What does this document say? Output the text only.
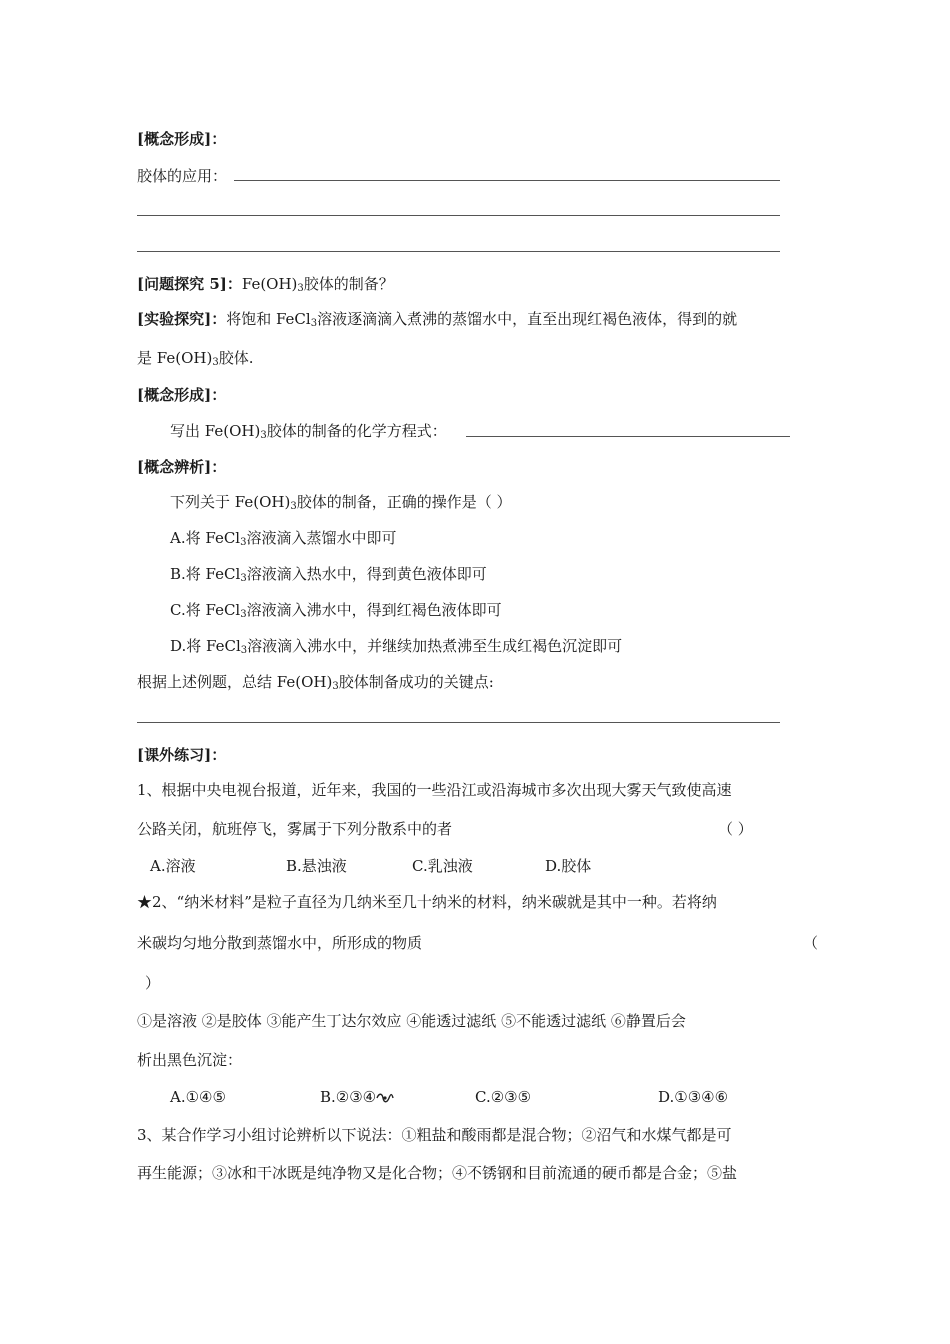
[概念形成]：
胶体的应用：
[问题探究 5]：$Fe(OH)_3$胶体的制备？
[实验探究]：将饱和 FeCl$_3$溶液逐滴滴入煮沸的蒸馏水中，直至出现红褐色液体，得到的就
是 $Fe(OH)_3$胶体.
[概念形成]：
写出 $Fe(OH)_3$胶体的制备的化学方程式：
[概念辨析]：
下列关于 $Fe(OH)_3$胶体的制备，正确的操作是（ ）
A.将 FeCl$_3$溶液滴入蒸馏水中即可
B.将 FeCl$_3$溶液滴入热水中，得到黄色液体即可
C.将 FeCl$_3$溶液滴入沸水中，得到红褐色液体即可
D.将 FeCl$_3$溶液滴入沸水中，并继续加热煮沸至生成红褐色沉淀即可
根据上述例题，总结 $Fe(OH)_3$胶体制备成功的关键点:
[课外练习]：
1、根据中央电视台报道，近年来，我国的一些沿江或沿海城市多次出现大雾天气致使高速
公路关闭，航班停飞，雾属于下列分散系中的者	（ ）
A.溶液	B.悬浊液	C.乳浊液	D.胶体
★2、“纳米材料”是粒子直径为几纳米至几十纳米的材料，纳米碳就是其中一种。若将纳
米碳均匀地分散到蒸馏水中，所形成的物质	（
）
①是溶液 ②是胶体 ③能产生丁达尔效应 ④能透过滤纸 ⑤不能透过滤纸 ⑥静置后会
析出黑色沉淀：
A.①④⑤	B.②③④	C.②③⑤	D.①③④⑥
3、某合作学习小组讨论辨析以下说法：①粗盐和酸雨都是混合物；②沼气和水煤气都是可
再生能源；③冰和干冰既是纯净物又是化合物；④不锈钢和目前流通的硬币都是合金；⑤盐
